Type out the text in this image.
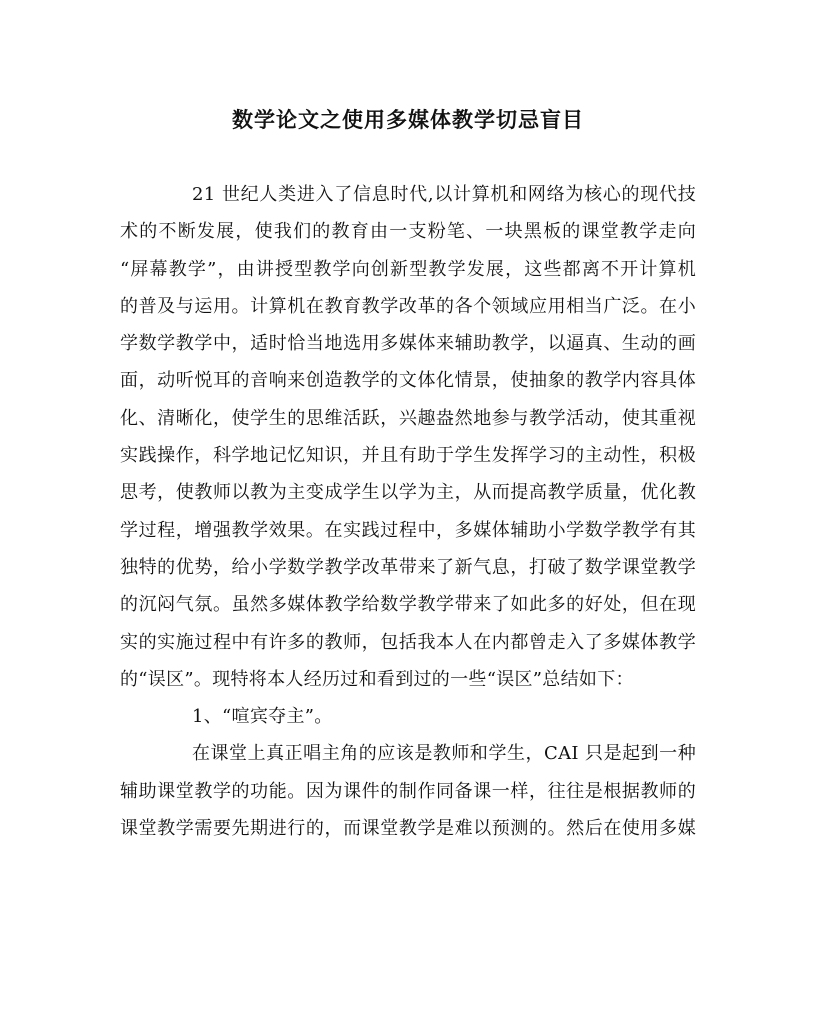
数学论文之使用多媒体教学切忌盲目
21 世纪人类进入了信息时代,以计算机和网络为核心的现代技
术的不断发展，使我们的教育由一支粉笔、一块黑板的课堂教学走向
“屏幕教学”，由讲授型教学向创新型教学发展，这些都离不开计算机
的普及与运用。计算机在教育教学改革的各个领域应用相当广泛。在小
学数学教学中，适时恰当地选用多媒体来辅助教学，以逼真、生动的画
面，动听悦耳的音响来创造教学的文体化情景，使抽象的教学内容具体
化、清晰化，使学生的思维活跃，兴趣盎然地参与教学活动，使其重视
实践操作，科学地记忆知识，并且有助于学生发挥学习的主动性，积极
思考，使教师以教为主变成学生以学为主，从而提高教学质量，优化教
学过程，增强教学效果。在实践过程中，多媒体辅助小学数学教学有其
独特的优势，给小学数学教学改革带来了新气息，打破了数学课堂教学
的沉闷气氛。虽然多媒体教学给数学教学带来了如此多的好处，但在现
实的实施过程中有许多的教师，包括我本人在内都曾走入了多媒体教学
的“误区”。现特将本人经历过和看到过的一些“误区”总结如下：
1、“喧宾夺主”。
在课堂上真正唱主角的应该是教师和学生，CAI 只是起到一种
辅助课堂教学的功能。因为课件的制作同备课一样，往往是根据教师的
课堂教学需要先期进行的，而课堂教学是难以预测的。然后在使用多媒
